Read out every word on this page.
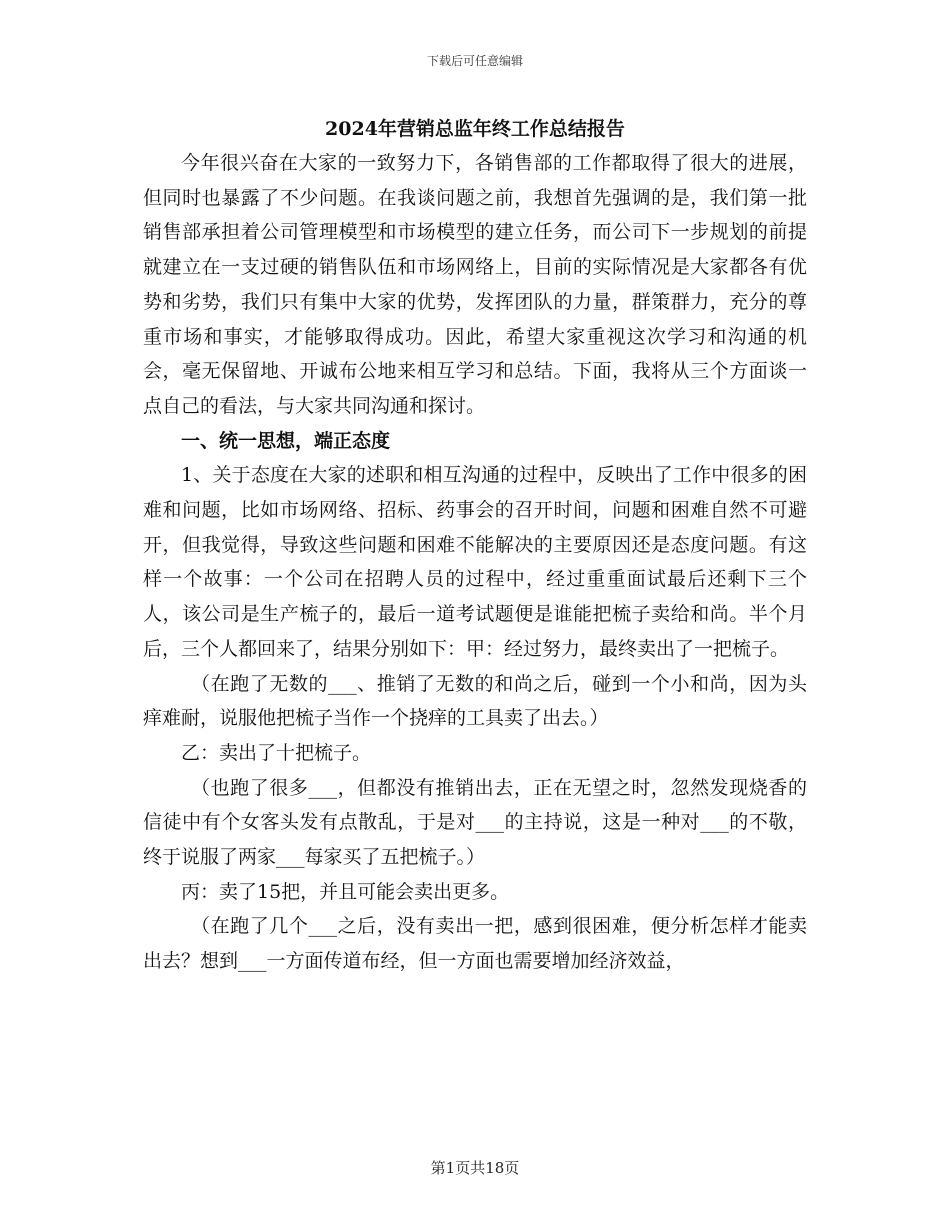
下载后可任意编辑
2024年营销总监年终工作总结报告

今年很兴奋在大家的一致努力下，各销售部的工作都取得了很大的进展，但同时也暴露了不少问题。在我谈问题之前，我想首先强调的是，我们第一批销售部承担着公司管理模型和市场模型的建立任务，而公司下一步规划的前提就建立在一支过硬的销售队伍和市场网络上，目前的实际情况是大家都各有优势和劣势，我们只有集中大家的优势，发挥团队的力量，群策群力，充分的尊重市场和事实，才能够取得成功。因此，希望大家重视这次学习和沟通的机会，毫无保留地、开诚布公地来相互学习和总结。下面，我将从三个方面谈一点自己的看法，与大家共同沟通和探讨。

一、统一思想，端正态度

1、关于态度在大家的述职和相互沟通的过程中，反映出了工作中很多的困难和问题，比如市场网络、招标、药事会的召开时间，问题和困难自然不可避开，但我觉得，导致这些问题和困难不能解决的主要原因还是态度问题。有这样一个故事：一个公司在招聘人员的过程中，经过重重面试最后还剩下三个人，该公司是生产梳子的，最后一道考试题便是谁能把梳子卖给和尚。半个月后，三个人都回来了，结果分别如下：甲：经过努力，最终卖出了一把梳子。

（在跑了无数的___、推销了无数的和尚之后，碰到一个小和尚，因为头痒难耐，说服他把梳子当作一个挠痒的工具卖了出去。）

乙：卖出了十把梳子。

（也跑了很多___，但都没有推销出去，正在无望之时，忽然发现烧香的信徒中有个女客头发有点散乱，于是对___的主持说，这是一种对___的不敬，终于说服了两家___每家买了五把梳子。）

丙：卖了15把，并且可能会卖出更多。

（在跑了几个___之后，没有卖出一把，感到很困难，便分析怎样才能卖出去？想到___一方面传道布经，但一方面也需要增加经济效益，

第1页共18页
